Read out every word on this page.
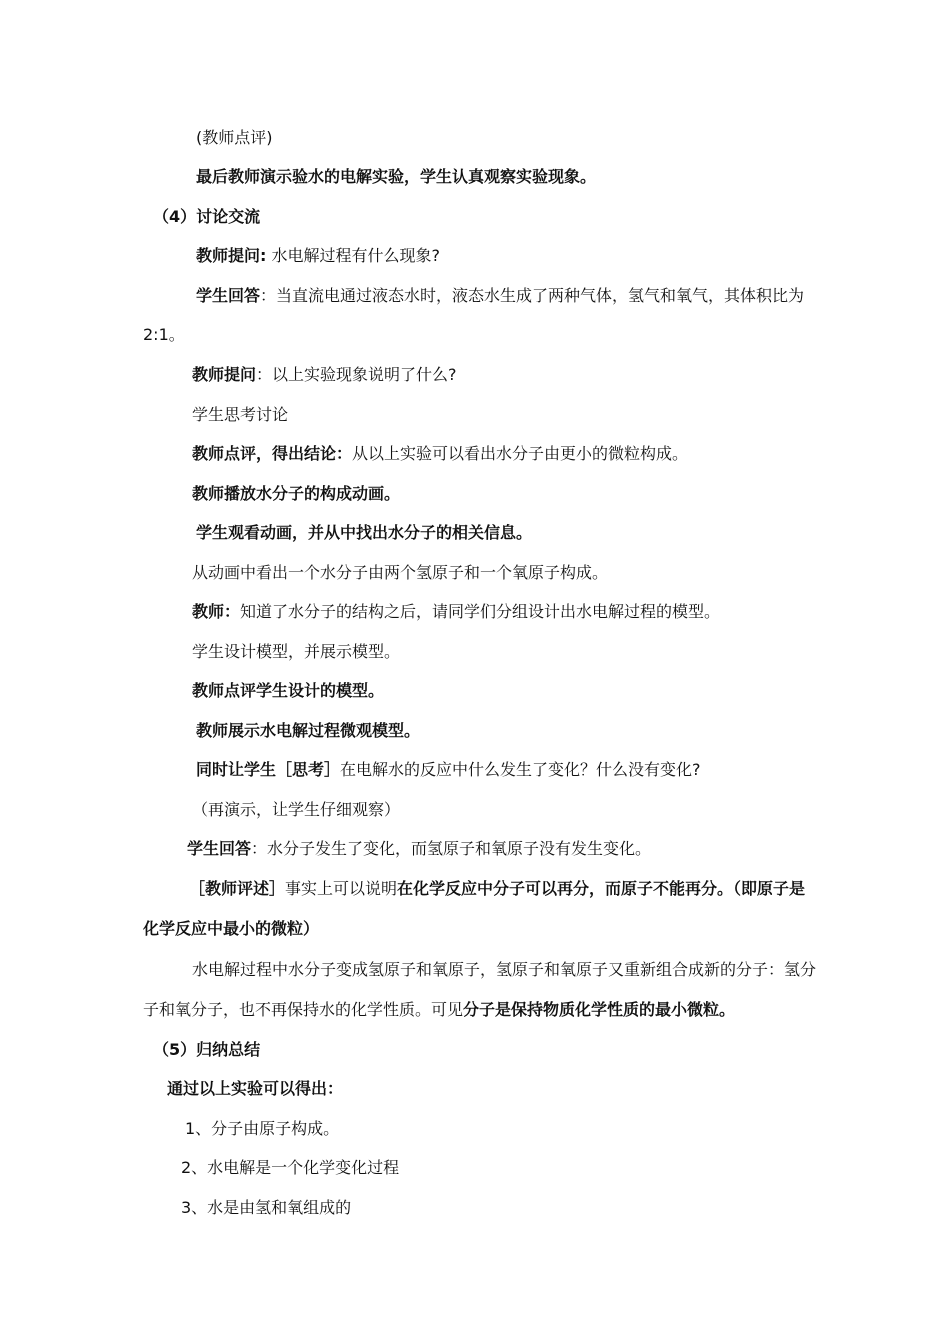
(教师点评)
最后教师演示验水的电解实验，学生认真观察实验现象。
（4）讨论交流
教师提问: 水电解过程有什么现象?
学生回答：当直流电通过液态水时，液态水生成了两种气体，氢气和氧气，其体积比为
2:1。
教师提问：以上实验现象说明了什么?
学生思考讨论
教师点评，得出结论：从以上实验可以看出水分子由更小的微粒构成。
教师播放水分子的构成动画。
学生观看动画，并从中找出水分子的相关信息。
从动画中看出一个水分子由两个氢原子和一个氧原子构成。
教师：知道了水分子的结构之后，请同学们分组设计出水电解过程的模型。
学生设计模型，并展示模型。
教师点评学生设计的模型。
教师展示水电解过程微观模型。
同时让学生［思考］在电解水的反应中什么发生了变化？什么没有变化?
（再演示，让学生仔细观察）
学生回答：水分子发生了变化，而氢原子和氧原子没有发生变化。
［教师评述］事实上可以说明在化学反应中分子可以再分，而原子不能再分。（即原子是
化学反应中最小的微粒）
水电解过程中水分子变成氢原子和氧原子，氢原子和氧原子又重新组合成新的分子：氢分
子和氧分子，也不再保持水的化学性质。可见分子是保持物质化学性质的最小微粒。
（5）归纳总结
通过以上实验可以得出：
1、分子由原子构成。
2、水电解是一个化学变化过程
3、水是由氢和氧组成的
